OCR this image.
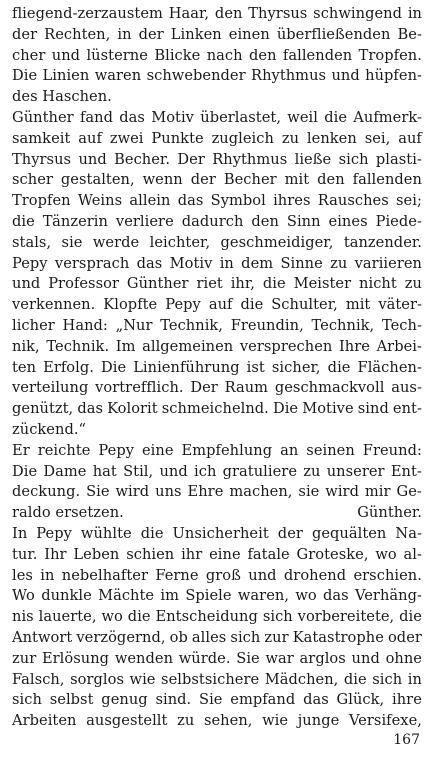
fliegend-zerzaustem Haar, den Thyrsus schwingend in
der Rechten, in der Linken einen überfließenden Be-
cher und lüsterne Blicke nach den fallenden Tropfen.
Die Linien waren schwebender Rhythmus und hüpfen-
des Haschen.
Günther fand das Motiv überlastet, weil die Aufmerk-
samkeit auf zwei Punkte zugleich zu lenken sei, auf
Thyrsus und Becher. Der Rhythmus ließe sich plasti-
scher gestalten, wenn der Becher mit den fallenden
Tropfen Weins allein das Symbol ihres Rausches sei;
die Tänzerin verliere dadurch den Sinn eines Piede-
stals, sie werde leichter, geschmeidiger, tanzender.
Pepy versprach das Motiv in dem Sinne zu variieren
und Professor Günther riet ihr, die Meister nicht zu
verkennen. Klopfte Pepy auf die Schulter, mit väter-
licher Hand: „Nur Technik, Freundin, Technik, Tech-
nik, Technik. Im allgemeinen versprechen Ihre Arbei-
ten Erfolg. Die Linienführung ist sicher, die Flächen-
verteilung vortrefflich. Der Raum geschmackvoll aus-
genützt, das Kolorit schmeichelnd. Die Motive sind ent-
zückend.“
Er reichte Pepy eine Empfehlung an seinen Freund:
Die Dame hat Stil, und ich gratuliere zu unserer Ent-
deckung. Sie wird uns Ehre machen, sie wird mir Ge-
raldo ersetzen.	Günther.
In Pepy wühlte die Unsicherheit der gequälten Na-
tur. Ihr Leben schien ihr eine fatale Groteske, wo al-
les in nebelhafter Ferne groß und drohend erschien.
Wo dunkle Mächte im Spiele waren, wo das Verhäng-
nis lauerte, wo die Entscheidung sich vorbereitete, die
Antwort verzögernd, ob alles sich zur Katastrophe oder
zur Erlösung wenden würde. Sie war arglos und ohne
Falsch, sorglos wie selbstsichere Mädchen, die sich in
sich selbst genug sind. Sie empfand das Glück, ihre
Arbeiten ausgestellt zu sehen, wie junge Versifexe,
167
